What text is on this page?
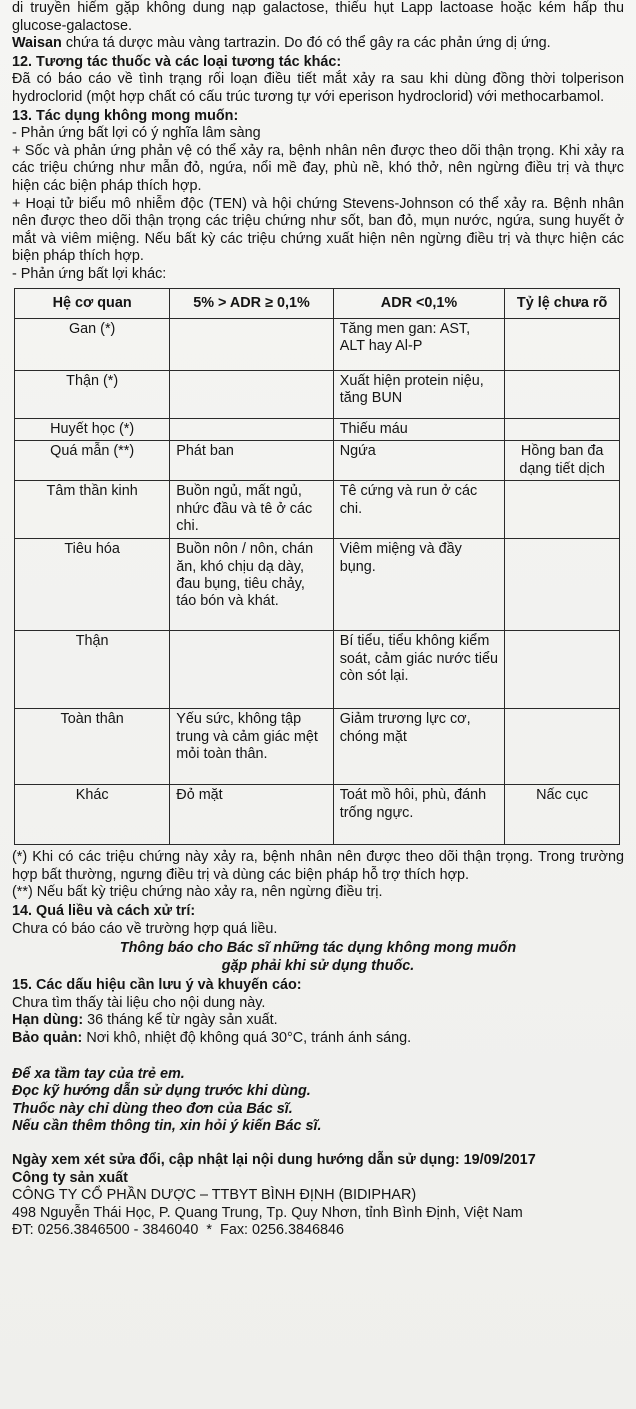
di truyền hiếm gặp không dung nạp galactose, thiếu hụt Lapp lactoase hoặc kém hấp thu glucose-galactose.

Waisan chứa tá dược màu vàng tartrazin. Do đó có thể gây ra các phản ứng dị ứng.

12. Tương tác thuốc và các loại tương tác khác:

Đã có báo cáo về tình trạng rối loạn điều tiết mắt xảy ra sau khi dùng đồng thời tolperison hydroclorid (một hợp chất có cấu trúc tương tự với eperison hydroclorid) với methocarbamol.

13. Tác dụng không mong muốn:

- Phản ứng bất lợi có ý nghĩa lâm sàng

+ Sốc và phản ứng phản vệ có thể xảy ra, bệnh nhân nên được theo dõi thận trọng. Khi xảy ra các triệu chứng như mẫn đỏ, ngứa, nổi mề đay, phù nề, khó thở, nên ngừng điều trị và thực hiện các biện pháp thích hợp.

+ Hoại tử biểu mô nhiễm độc (TEN) và hội chứng Stevens-Johnson có thể xảy ra. Bệnh nhân nên được theo dõi thận trọng các triệu chứng như sốt, ban đỏ, mụn nước, ngứa, sung huyết ở mắt và viêm miệng. Nếu bất kỳ các triệu chứng xuất hiện nên ngừng điều trị và thực hiện các biện pháp thích hợp.

- Phản ứng bất lợi khác:

Hệ cơ quan	5% > ADR ≥ 0,1%	ADR <0,1%	Tỷ lệ chưa rõ
Gan (*)		Tăng men gan: AST, ALT hay Al-P	
Thận (*)		Xuất hiện protein niệu, tăng BUN	
Huyết học (*)		Thiếu máu	
Quá mẫn (**)	Phát ban	Ngứa	Hồng ban đa dạng tiết dịch
Tâm thần kinh	Buồn ngủ, mất ngủ, nhức đầu và tê ở các chi.	Tê cứng và run ở các chi.	
Tiêu hóa	Buồn nôn / nôn, chán ăn, khó chịu dạ dày, đau bụng, tiêu chảy, táo bón và khát.	Viêm miệng và đầy bụng.	
Thận		Bí tiểu, tiểu không kiểm soát, cảm giác nước tiểu còn sót lại.	
Toàn thân	Yếu sức, không tập trung và cảm giác mệt mỏi toàn thân.	Giảm trương lực cơ, chóng mặt	
Khác	Đỏ mặt	Toát mồ hôi, phù, đánh trống ngực.	Nấc cục

(*) Khi có các triệu chứng này xảy ra, bệnh nhân nên được theo dõi thận trọng. Trong trường hợp bất thường, ngưng điều trị và dùng các biện pháp hỗ trợ thích hợp.

(**) Nếu bất kỳ triệu chứng nào xảy ra, nên ngừng điều trị.

14. Quá liều và cách xử trí:

Chưa có báo cáo về trường hợp quá liều.

Thông báo cho Bác sĩ những tác dụng không mong muốn
gặp phải khi sử dụng thuốc.

15. Các dấu hiệu cần lưu ý và khuyến cáo:

Chưa tìm thấy tài liệu cho nội dung này.

Hạn dùng: 36 tháng kể từ ngày sản xuất.

Bảo quản: Nơi khô, nhiệt độ không quá 30°C, tránh ánh sáng.

Để xa tầm tay của trẻ em.

Đọc kỹ hướng dẫn sử dụng trước khi dùng.

Thuốc này chỉ dùng theo đơn của Bác sĩ.

Nếu cần thêm thông tin, xin hỏi ý kiến Bác sĩ.

Ngày xem xét sửa đổi, cập nhật lại nội dung hướng dẫn sử dụng: 19/09/2017

Công ty sản xuất

CÔNG TY CỔ PHẦN DƯỢC – TTBYT BÌNH ĐỊNH (BIDIPHAR)

498 Nguyễn Thái Học, P. Quang Trung, Tp. Quy Nhơn, tỉnh Bình Định, Việt Nam

ĐT: 0256.3846500 - 3846040  *  Fax: 0256.3846846
